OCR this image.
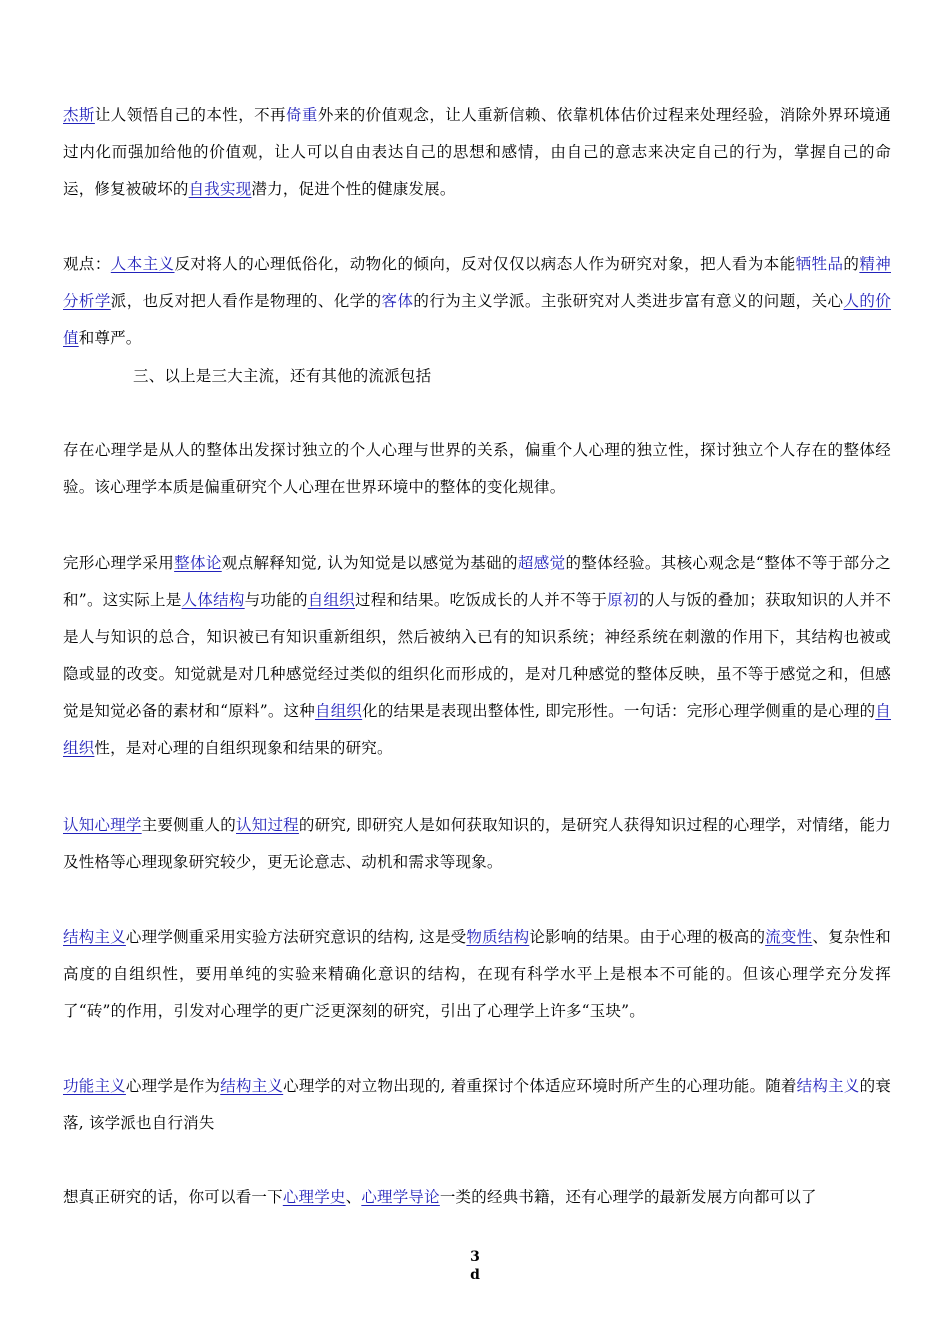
杰斯让人领悟自己的本性，不再倚重外来的价值观念，让人重新信赖、依靠机体估价过程来处理经验，消除外界环境通过内化而强加给他的价值观，让人可以自由表达自己的思想和感情，由自己的意志来决定自己的行为，掌握自己的命运，修复被破坏的自我实现潜力，促进个性的健康发展。

观点：人本主义反对将人的心理低俗化，动物化的倾向，反对仅仅以病态人作为研究对象，把人看为本能牺牲品的精神分析学派，也反对把人看作是物理的、化学的客体的行为主义学派。主张研究对人类进步富有意义的问题，关心人的价值和尊严。

三、以上是三大主流，还有其他的流派包括

存在心理学是从人的整体出发探讨独立的个人心理与世界的关系，偏重个人心理的独立性，探讨独立个人存在的整体经验。该心理学本质是偏重研究个人心理在世界环境中的整体的变化规律。

完形心理学采用整体论观点解释知觉, 认为知觉是以感觉为基础的超感觉的整体经验。其核心观念是“整体不等于部分之和”。这实际上是人体结构与功能的自组织过程和结果。吃饭成长的人并不等于原初的人与饭的叠加；获取知识的人并不是人与知识的总合，知识被已有知识重新组织，然后被纳入已有的知识系统；神经系统在刺激的作用下，其结构也被或隐或显的改变。知觉就是对几种感觉经过类似的组织化而形成的，是对几种感觉的整体反映，虽不等于感觉之和，但感觉是知觉必备的素材和“原料”。这种自组织化的结果是表现出整体性, 即完形性。一句话：完形心理学侧重的是心理的自组织性，是对心理的自组织现象和结果的研究。

认知心理学主要侧重人的认知过程的研究, 即研究人是如何获取知识的，是研究人获得知识过程的心理学，对情绪，能力及性格等心理现象研究较少，更无论意志、动机和需求等现象。

结构主义心理学侧重采用实验方法研究意识的结构, 这是受物质结构论影响的结果。由于心理的极高的流变性、复杂性和高度的自组织性，要用单纯的实验来精确化意识的结构，在现有科学水平上是根本不可能的。但该心理学充分发挥了“砖”的作用，引发对心理学的更广泛更深刻的研究，引出了心理学上许多“玉块”。

功能主义心理学是作为结构主义心理学的对立物出现的, 着重探讨个体适应环境时所产生的心理功能。随着结构主义的衰落, 该学派也自行消失

想真正研究的话，你可以看一下心理学史、心理学导论一类的经典书籍，还有心理学的最新发展方向都可以了

3
d
